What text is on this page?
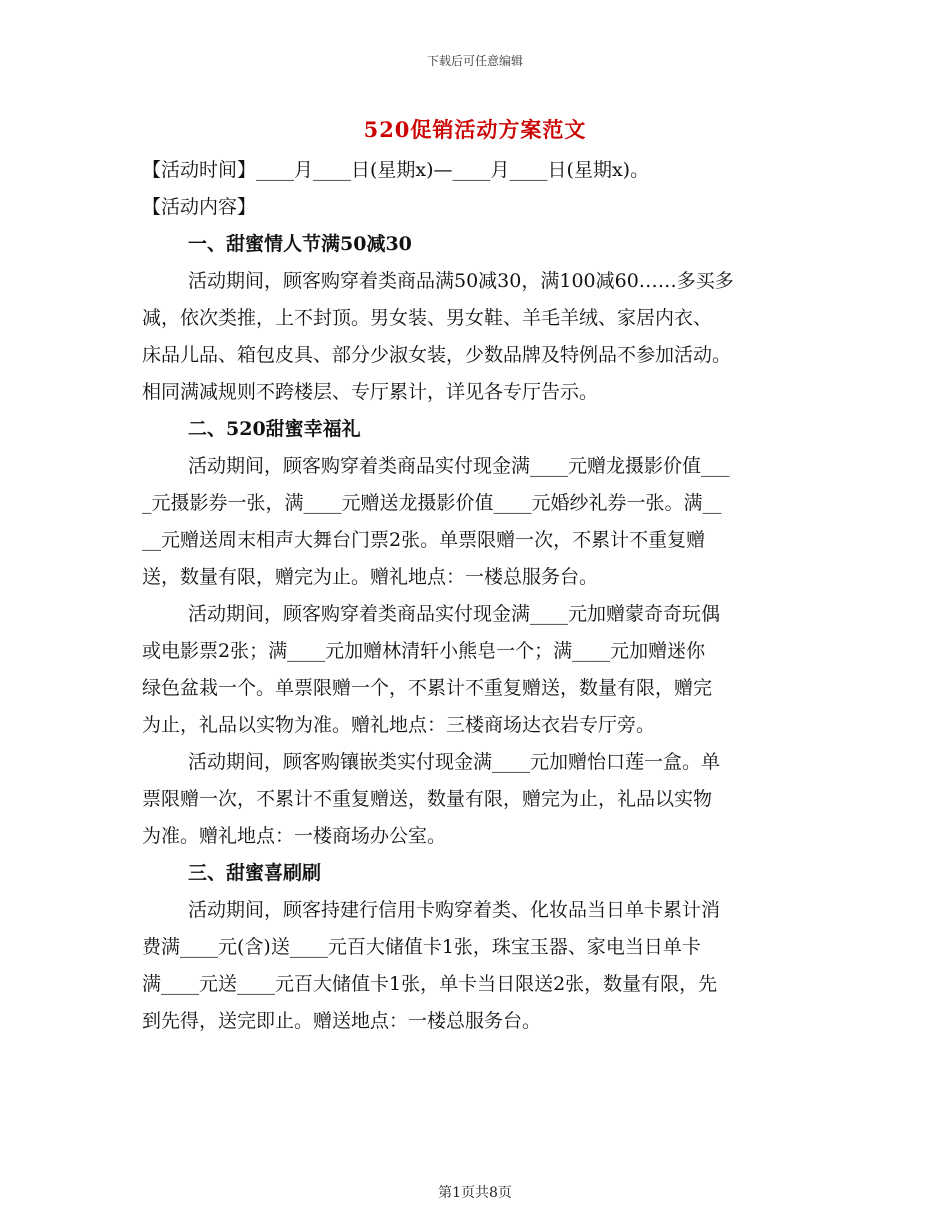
下载后可任意编辑
520促销活动方案范文
【活动时间】____月____日(星期x)—____月____日(星期x)。
【活动内容】
一、甜蜜情人节满50减30
活动期间，顾客购穿着类商品满50减30，满100减60……多买多
减，依次类推，上不封顶。男女装、男女鞋、羊毛羊绒、家居内衣、
床品儿品、箱包皮具、部分少淑女装，少数品牌及特例品不参加活动。
相同满减规则不跨楼层、专厅累计，详见各专厅告示。
二、520甜蜜幸福礼
活动期间，顾客购穿着类商品实付现金满____元赠龙摄影价值___
_元摄影券一张，满____元赠送龙摄影价值____元婚纱礼券一张。满__
__元赠送周末相声大舞台门票2张。单票限赠一次，不累计不重复赠
送，数量有限，赠完为止。赠礼地点：一楼总服务台。
活动期间，顾客购穿着类商品实付现金满____元加赠蒙奇奇玩偶
或电影票2张；满____元加赠林清轩小熊皂一个；满____元加赠迷你
绿色盆栽一个。单票限赠一个，不累计不重复赠送，数量有限，赠完
为止，礼品以实物为准。赠礼地点：三楼商场达衣岩专厅旁。
活动期间，顾客购镶嵌类实付现金满____元加赠怡口莲一盒。单
票限赠一次，不累计不重复赠送，数量有限，赠完为止，礼品以实物
为准。赠礼地点：一楼商场办公室。
三、甜蜜喜刷刷
活动期间，顾客持建行信用卡购穿着类、化妆品当日单卡累计消
费满____元(含)送____元百大储值卡1张，珠宝玉器、家电当日单卡
满____元送____元百大储值卡1张，单卡当日限送2张，数量有限，先
到先得，送完即止。赠送地点：一楼总服务台。
第1页共8页
